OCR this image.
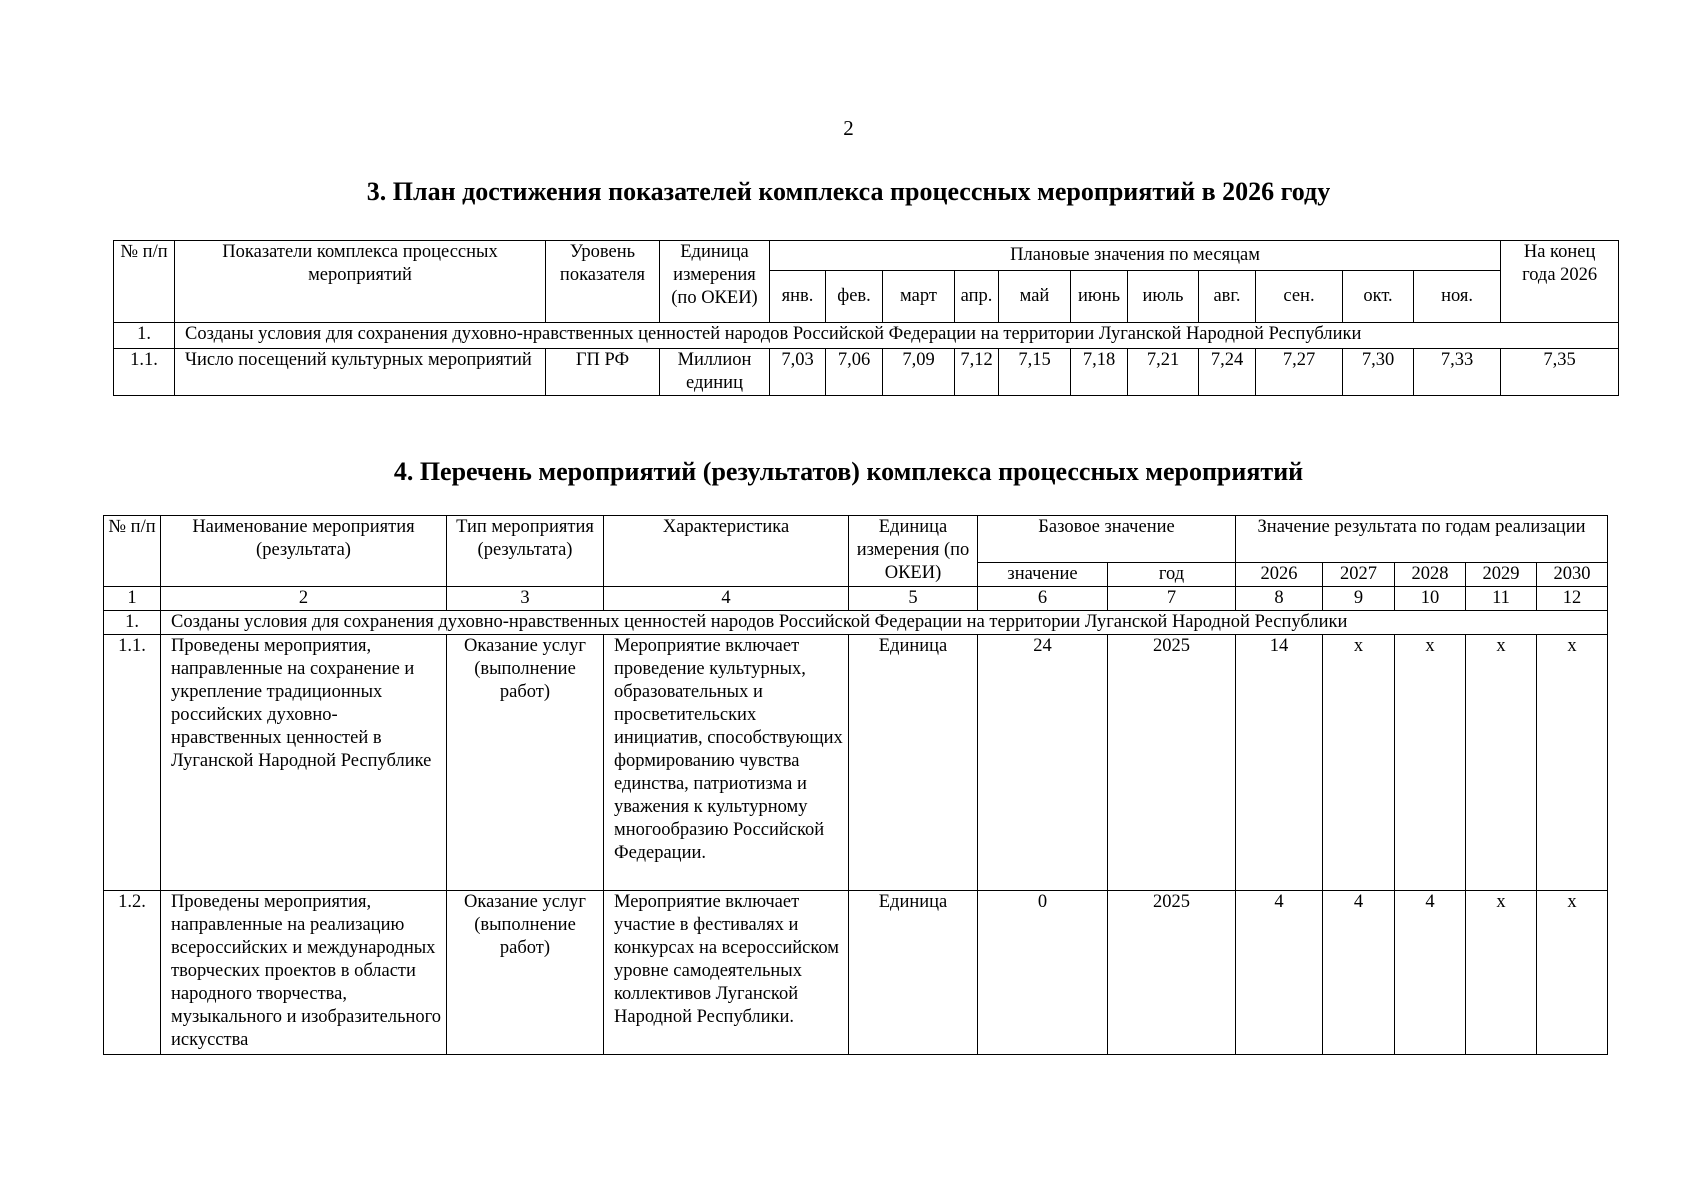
2
3. План достижения показателей комплекса процессных мероприятий в 2026 году
№ п/п	Показатели комплекса процессных мероприятий	Уровень показателя	Единица измерения (по ОКЕИ)	Плановые значения по месяцам											На конец года 2026
				янв.	фев.	март	апр.	май	июнь	июль	авг.	сен.	окт.	ноя.	
1.	Созданы условия для сохранения духовно-нравственных ценностей народов Российской Федерации на территории Луганской Народной Республики														
1.1.	Число посещений культурных мероприятий	ГП РФ	Миллион единиц	7,03	7,06	7,09	7,12	7,15	7,18	7,21	7,24	7,27	7,30	7,33	7,35
4. Перечень мероприятий (результатов) комплекса процессных мероприятий
№ п/п	Наименование мероприятия (результата)	Тип мероприятия (результата)	Характеристика	Единица измерения (по ОКЕИ)	Базовое значение		Значение результата по годам реализации				
					значение	год	2026	2027	2028	2029	2030
1	2	3	4	5	6	7	8	9	10	11	12
1.	Созданы условия для сохранения духовно-нравственных ценностей народов Российской Федерации на территории Луганской Народной Республики										
1.1.	Проведены мероприятия, направленные на сохранение и укрепление традиционных российских духовно-нравственных ценностей в Луганской Народной Республике	Оказание услуг (выполнение работ)	Мероприятие включает проведение культурных, образовательных и просветительских инициатив, способствующих формированию чувства единства, патриотизма и уважения к культурному многообразию Российской Федерации.	Единица	24	2025	14	х	х	х	х
1.2.	Проведены мероприятия, направленные на реализацию всероссийских и международных творческих проектов в области народного творчества, музыкального и изобразительного искусства	Оказание услуг (выполнение работ)	Мероприятие включает участие в фестивалях и конкурсах на всероссийском уровне самодеятельных коллективов Луганской Народной Республики.	Единица	0	2025	4	4	4	х	х
